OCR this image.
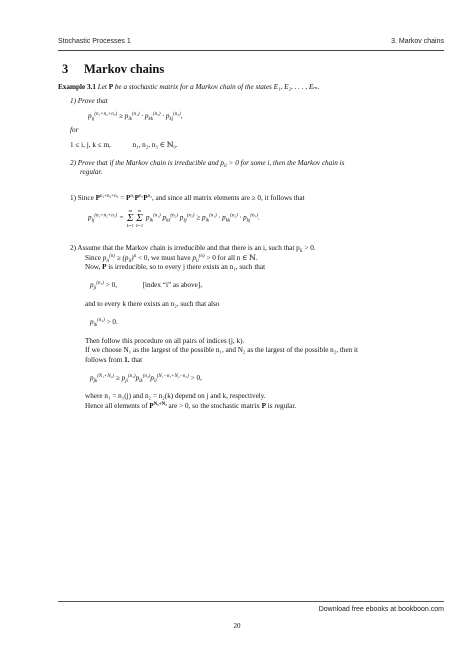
Stochastic Processes 1	3. Markov chains
3 Markov chains

Example 3.1 Let P be a stochastic matrix for a Markov chain of the states E₁, E₂, . . . , Eₘ.

1) Prove that

$p_{ij}^{(n_1+n_2+n_3)} \ge p_{ik}^{(n_1)} \cdot p_{kk}^{(n_2)} \cdot p_{kj}^{(n_3)}$,

for

1 ≤ i, j, k ≤ m,	n₁, n₂, n₃ ∈ ℕ₀.

2) Prove that if the Markov chain is irreducible and $p_{ii} > 0$ for some i, then the Markov chain is
regular.

1) Since $P^{n_1+n_2+n_3} = P^{n_1}P^{n_2}P^{n_3}$, and since all matrix elements are ≥ 0, it follows that

$p_{ij}^{(n_1+n_2+n_3)}$ =
m
Σ
k=1
m
Σ
ℓ=1
$p_{ik}^{(n_1)}$ $p_{k\ell}^{(n_2)}$ $p_{\ell j}^{(n_3)} \ge p_{ik}^{(n_1)} \cdot p_{kk}^{(n_2)} \cdot p_{kj}^{(n_3)}$.

2) Assume that the Markov chain is irreducible and that there is an i, such that $p_{ii} > 0$.

Since $p_{ii}^{(n)} \ge (p_{ii})^n < 0$, we must have $p_{ii}^{(n)} > 0$ for all n ∈ ℕ.

Now, P is irreducible, so to every j there exists an n₁, such that

$p_{ji}^{(n_1)} > 0$,	[index “i” as above],

and to every k there exists an n₂, such that also

$p_{ik}^{(n_2)} > 0$.

Then follow this procedure on all pairs of indices (j, k).

If we choose N₁ as the largest of the possible n₁, and N₂ as the largest of the possible n₂, then it

follows from 1. that

$p_{jk}^{(N_1+N_2)} \ge p_{ji}^{(n_1)}p_{ik}^{(n_2)}p_{ii}^{(N_1-n_1+N_2-n_2)} > 0$,

where n₁ = n₁(j) and n₂ = n₂(k) depend on j and k, respectively.

Hence all elements of $P^{N_1+N_2}$ are > 0, so the stochastic matrix P is regular.

Download free ebooks at bookboon.com
20
